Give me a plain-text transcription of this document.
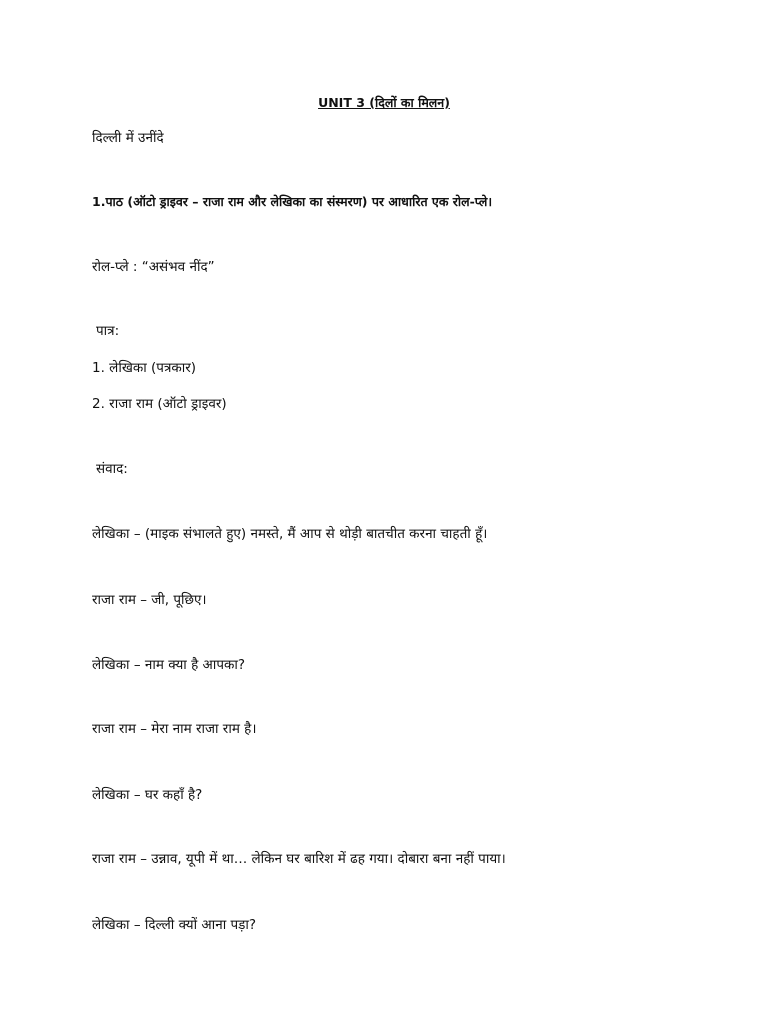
UNIT 3 (दिलों का मिलन)
दिल्ली में उनींदे
1.पाठ (ऑटो ड्राइवर – राजा राम और लेखिका का संस्मरण) पर आधारित एक रोल-प्ले।
रोल-प्ले : “असंभव नींद”
पात्र:
1. लेखिका (पत्रकार)
2. राजा राम (ऑटो ड्राइवर)
संवाद:
लेखिका – (माइक संभालते हुए) नमस्ते, मैं आप से थोड़ी बातचीत करना चाहती हूँ।
राजा राम – जी, पूछिए।
लेखिका – नाम क्या है आपका?
राजा राम – मेरा नाम राजा राम है।
लेखिका – घर कहाँ है?
राजा राम – उन्नाव, यूपी में था… लेकिन घर बारिश में ढह गया। दोबारा बना नहीं पाया।
लेखिका – दिल्ली क्यों आना पड़ा?
